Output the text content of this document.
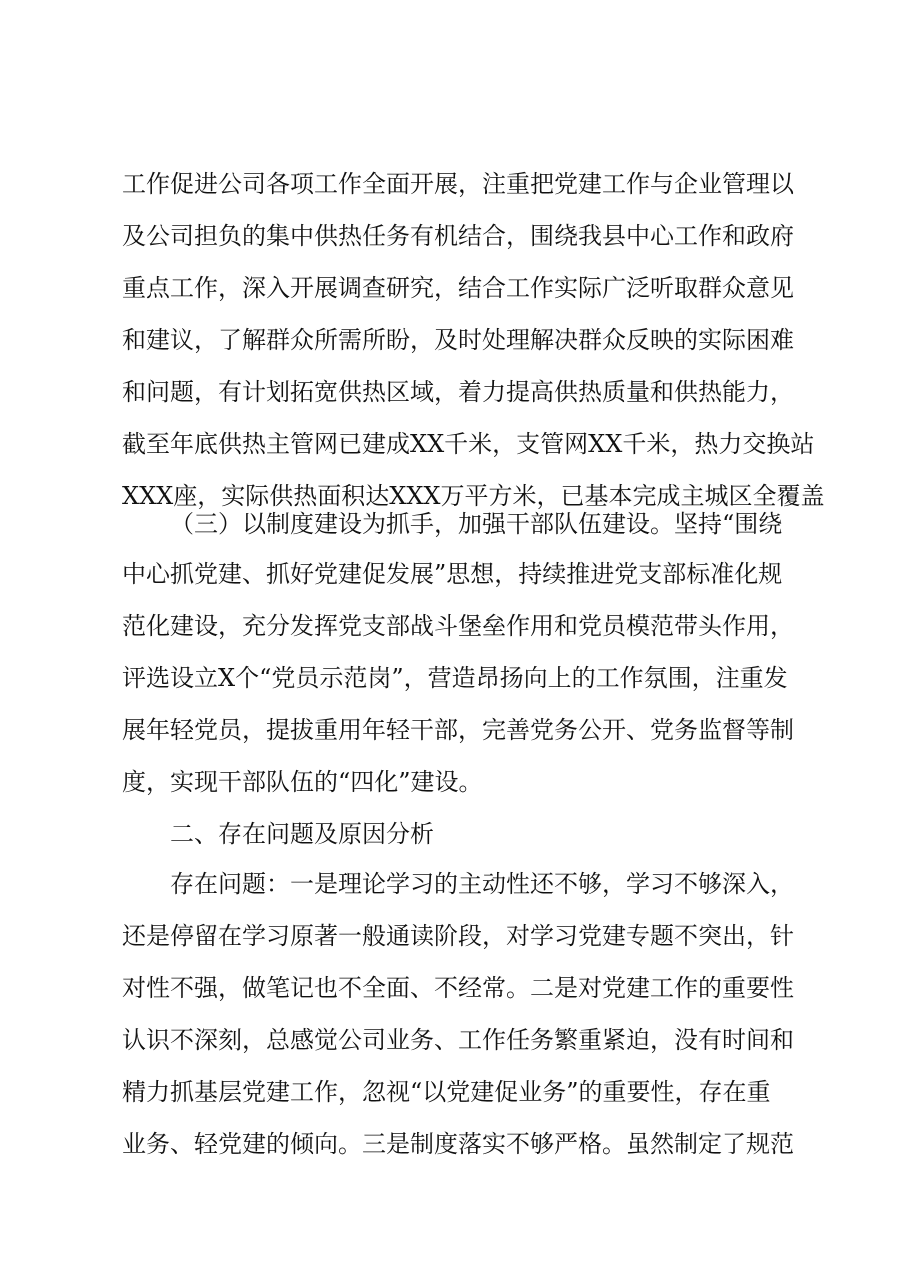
工作促进公司各项工作全面开展，注重把党建工作与企业管理以
及公司担负的集中供热任务有机结合，围绕我县中心工作和政府
重点工作，深入开展调查研究，结合工作实际广泛听取群众意见
和建议，了解群众所需所盼，及时处理解决群众反映的实际困难
和问题，有计划拓宽供热区域，着力提高供热质量和供热能力，
截至年底供热主管网已建成XX千米，支管网XX千米，热力交换站
XXX座，实际供热面积达XXX万平方米，已基本完成主城区全覆盖
（三）以制度建设为抓手，加强干部队伍建设。坚持“围绕
中心抓党建、抓好党建促发展”思想，持续推进党支部标准化规
范化建设，充分发挥党支部战斗堡垒作用和党员模范带头作用，
评选设立X个“党员示范岗”，营造昂扬向上的工作氛围，注重发
展年轻党员，提拔重用年轻干部，完善党务公开、党务监督等制
度，实现干部队伍的“四化”建设。
二、存在问题及原因分析
存在问题：一是理论学习的主动性还不够，学习不够深入，
还是停留在学习原著一般通读阶段，对学习党建专题不突出，针
对性不强，做笔记也不全面、不经常。二是对党建工作的重要性
认识不深刻，总感觉公司业务、工作任务繁重紧迫，没有时间和
精力抓基层党建工作，忽视“以党建促业务”的重要性，存在重
业务、轻党建的倾向。三是制度落实不够严格。虽然制定了规范
